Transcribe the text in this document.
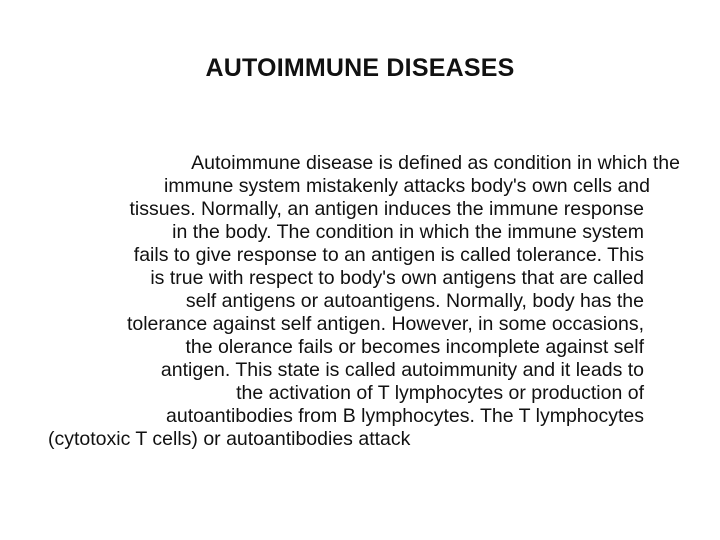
AUTOIMMUNE DISEASES
Autoimmune disease is defined as condition in which the
immune system mistakenly attacks body's own cells and
tissues. Normally, an antigen induces the immune response
in the body. The condition in which the immune system
fails to give response to an antigen is called tolerance. This
is true with respect to body's own antigens that are called
self antigens or autoantigens. Normally, body has the
tolerance against self antigen. However, in some occasions,
the olerance fails or becomes incomplete against self
antigen. This state is called autoimmunity and it leads to
the activation of T lymphocytes or production of
autoantibodies from B lymphocytes. The T lymphocytes
(cytotoxic T cells) or autoantibodies attack
